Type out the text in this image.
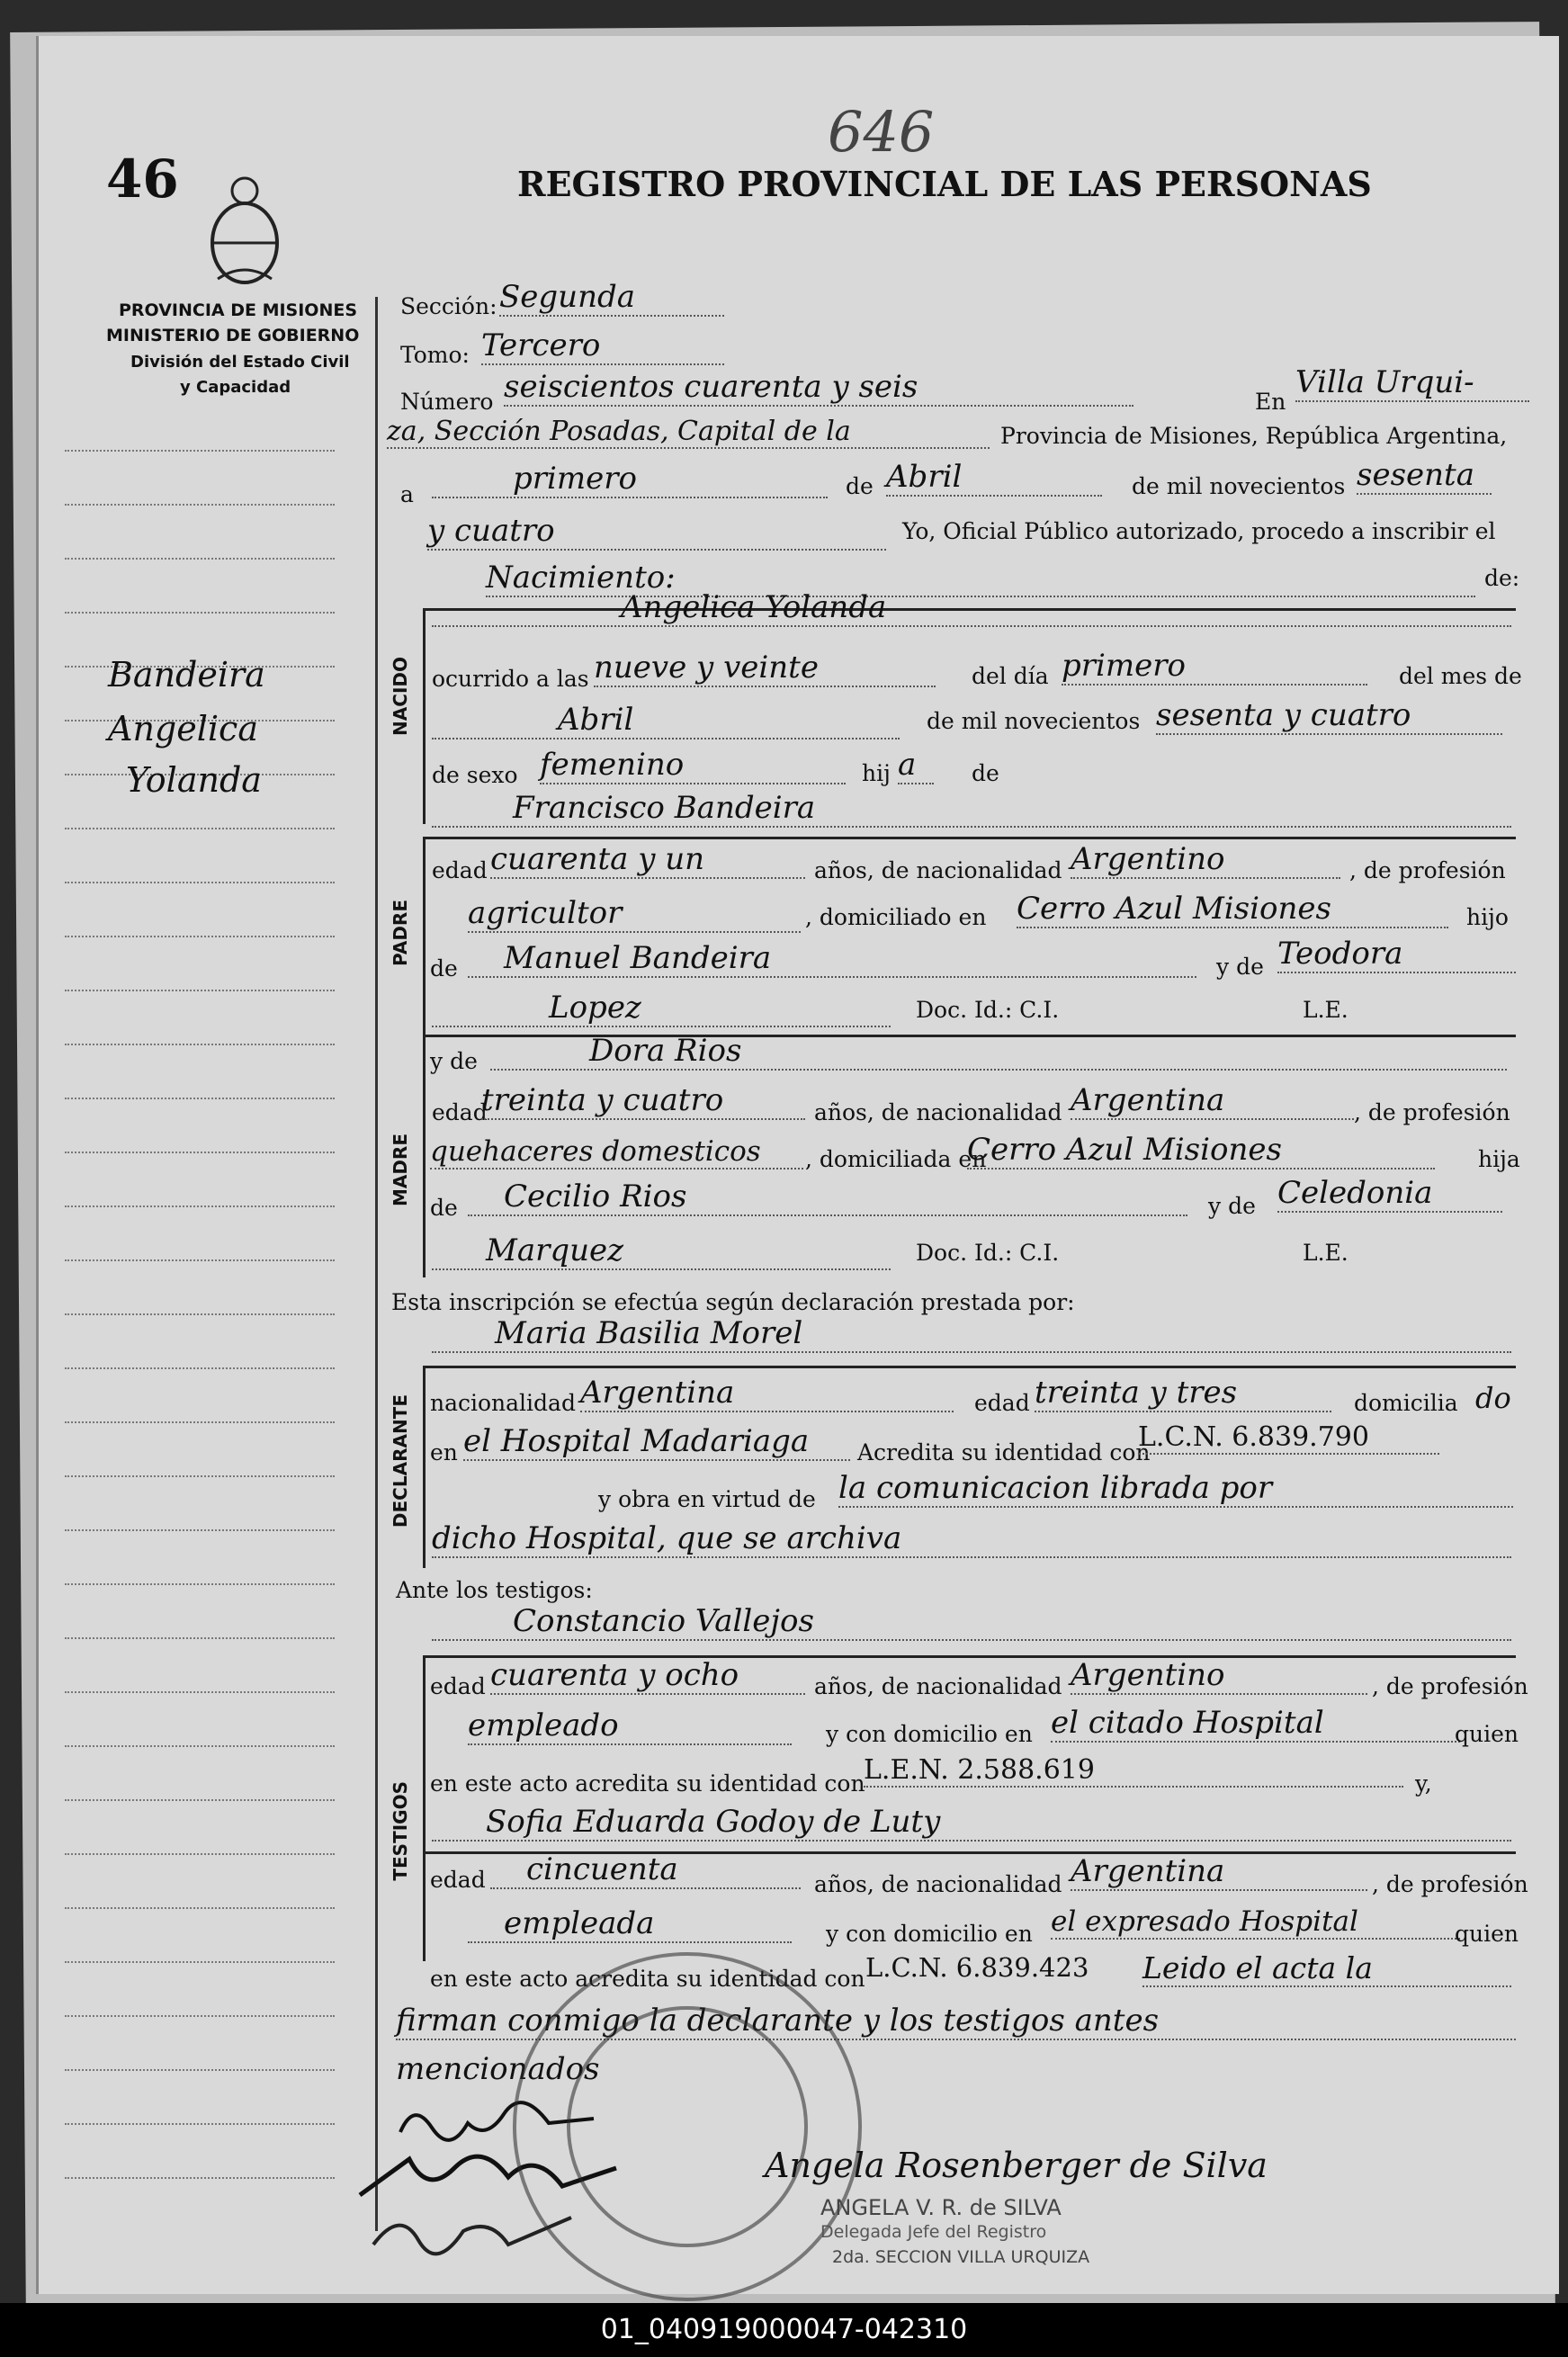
46
646
REGISTRO PROVINCIAL DE LAS PERSONAS
PROVINCIA DE MISIONES
MINISTERIO DE GOBIERNO
División del Estado Civil
y Capacidad
Bandeira
Angelica
Yolanda
Sección: Segunda
Tomo: Tercero
Número seiscientos cuarenta y seis	En
Villa Urqui-
za, Sección Posadas, Capital de la	Provincia de Misiones, República Argentina,
a	primero	de Abril	de mil novecientos sesenta
y cuatro	Yo, Oficial Público autorizado, procedo a inscribir el
Nacimiento:	de:
NACIDO
Angelica Yolanda
ocurrido a las nueve y veinte	del día primero	del mes de
Abril	de mil novecientos sesenta y cuatro
de sexo femenino	hij a	de
PADRE
Francisco Bandeira
edad cuarenta y un	años, de nacionalidad Argentino	, de profesión
agricultor	, domiciliado en Cerro Azul Misiones	hijo
de	Manuel Bandeira	y de Teodora
Lopez	Doc. Id.: C.I.	L.E.
MADRE
y de	Dora Rios
edad
treinta y cuatro	años, de nacionalidad Argentina	, de profesión
quehaceres domesticos	, domiciliada en
Cerro Azul Misiones	hija
de	Cecilio Rios	y de Celedonia
Marquez	Doc. Id.: C.I.	L.E.
Esta inscripción se efectúa según declaración prestada por:
Maria Basilia Morel
DECLARANTE nacionalidad Argentina	edad treinta y tres	domicilia do
en el Hospital Madariaga	Acredita su identidad con
L.C.N. 6.839.790
y obra en virtud de la comunicacion librada por
dicho Hospital, que se archiva
Ante los testigos:
Constancio Vallejos
TESTIGOS
edad cuarenta y ocho	años, de nacionalidad Argentino	, de profesión
empleado	y con domicilio en el citado Hospital	quien
en este acto acredita su identidad con
L.E.N. 2.588.619	y,
Sofia Eduarda Godoy de Luty
edad	cincuenta	años, de nacionalidad Argentina	, de profesión
empleada	y con domicilio en el expresado Hospital	quien
en este acto acredita su identidad con L.C.N. 6.839.423	Leido el acta la
firman conmigo la declarante y los testigos antes
mencionados
Angela Rosenberger de Silva
ANGELA V. R. de SILVA
Delegada Jefe del Registro
2da. SECCION VILLA URQUIZA
01_040919000047-042310
